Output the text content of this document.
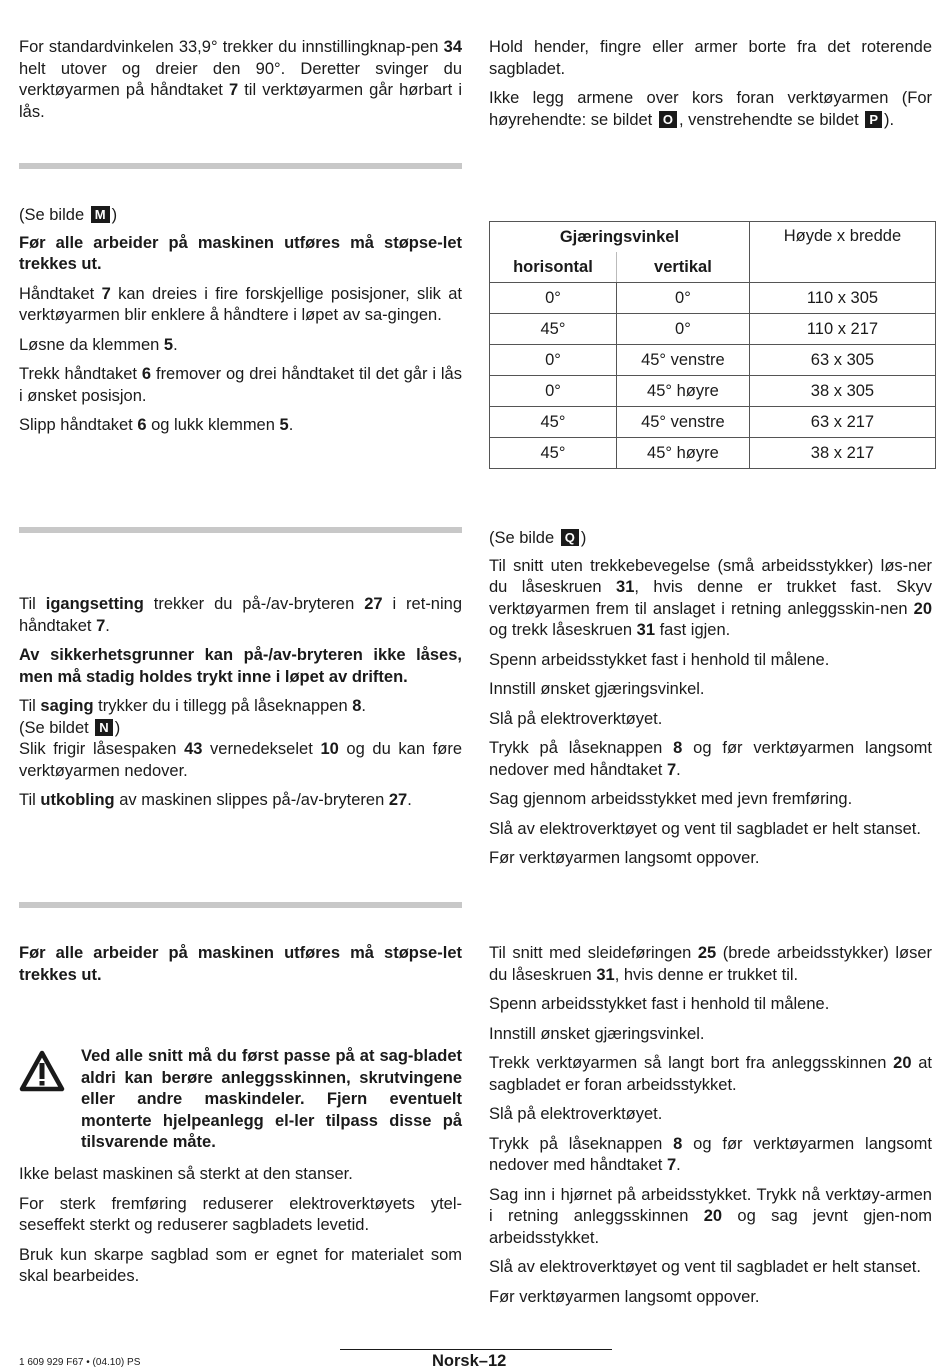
For standardvinkelen 33,9° trekker du innstillingknap-pen 34 helt utover og dreier den 90°. Deretter svinger du verktøyarmen på håndtaket 7 til verktøyarmen går hørbart i lås.

(Se bilde M )

Før alle arbeider på maskinen utføres må støpse-let trekkes ut.

Håndtaket 7 kan dreies i fire forskjellige posisjoner, slik at verktøyarmen blir enklere å håndtere i løpet av sa-gingen.

Løsne da klemmen 5.

Trekk håndtaket 6 fremover og drei håndtaket til det går i lås i ønsket posisjon.

Slipp håndtaket 6 og lukk klemmen 5.

Til igangsetting trekker du på-/av-bryteren 27 i ret-ning håndtaket 7.

Av sikkerhetsgrunner kan på-/av-bryteren ikke låses, men må stadig holdes trykt inne i løpet av driften.

Til saging trykker du i tillegg på låseknappen 8.
(Se bildet N )
Slik frigir låsespaken 43 vernedekselet 10 og du kan føre verktøyarmen nedover.

Til utkobling av maskinen slippes på-/av-bryteren 27.

Før alle arbeider på maskinen utføres må støpse-let trekkes ut.

Ved alle snitt må du først passe på at sag-bladet aldri kan berøre anleggsskinnen, skrutvingene eller andre maskindeler. Fjern eventuelt monterte hjelpeanlegg el-ler tilpass disse på tilsvarende måte.

Ikke belast maskinen så sterkt at den stanser.

For sterk fremføring reduserer elektroverktøyets ytel-seseffekt sterkt og reduserer sagbladets levetid.

Bruk kun skarpe sagblad som er egnet for materialet som skal bearbeides.

Hold hender, fingre eller armer borte fra det roterende sagbladet.

Ikke legg armene over kors foran verktøyarmen (For høyrehendte: se bildet O , venstrehendte se bildet P ).

Gjæringsvinkel		Høyde x bredde
horisontal	vertikal	
0°	0°	110 x 305
45°	0°	110 x 217
0°	45° venstre	63 x 305
0°	45° høyre	38 x 305
45°	45° venstre	63 x 217
45°	45° høyre	38 x 217

(Se bilde Q )

Til snitt uten trekkebevegelse (små arbeidsstykker) løs-ner du låseskruen 31, hvis denne er trukket fast. Skyv verktøyarmen frem til anslaget i retning anleggsskin-nen 20 og trekk låseskruen 31 fast igjen.

Spenn arbeidsstykket fast i henhold til målene.

Innstill ønsket gjæringsvinkel.

Slå på elektroverktøyet.

Trykk på låseknappen 8 og før verktøyarmen langsomt nedover med håndtaket 7.

Sag gjennom arbeidsstykket med jevn fremføring.

Slå av elektroverktøyet og vent til sagbladet er helt stanset.

Før verktøyarmen langsomt oppover.

Til snitt med sleideføringen 25 (brede arbeidsstykker) løser du låseskruen 31, hvis denne er trukket til.

Spenn arbeidsstykket fast i henhold til målene.

Innstill ønsket gjæringsvinkel.

Trekk verktøyarmen så langt bort fra anleggsskinnen 20 at sagbladet er foran arbeidsstykket.

Slå på elektroverktøyet.

Trykk på låseknappen 8 og før verktøyarmen langsomt nedover med håndtaket 7.

Sag inn i hjørnet på arbeidsstykket. Trykk nå verktøy-armen i retning anleggsskinnen 20 og sag jevnt gjen-nom arbeidsstykket.

Slå av elektroverktøyet og vent til sagbladet er helt stanset.

Før verktøyarmen langsomt oppover.

1 609 929 F67 • (04.10) PS	Norsk–12
